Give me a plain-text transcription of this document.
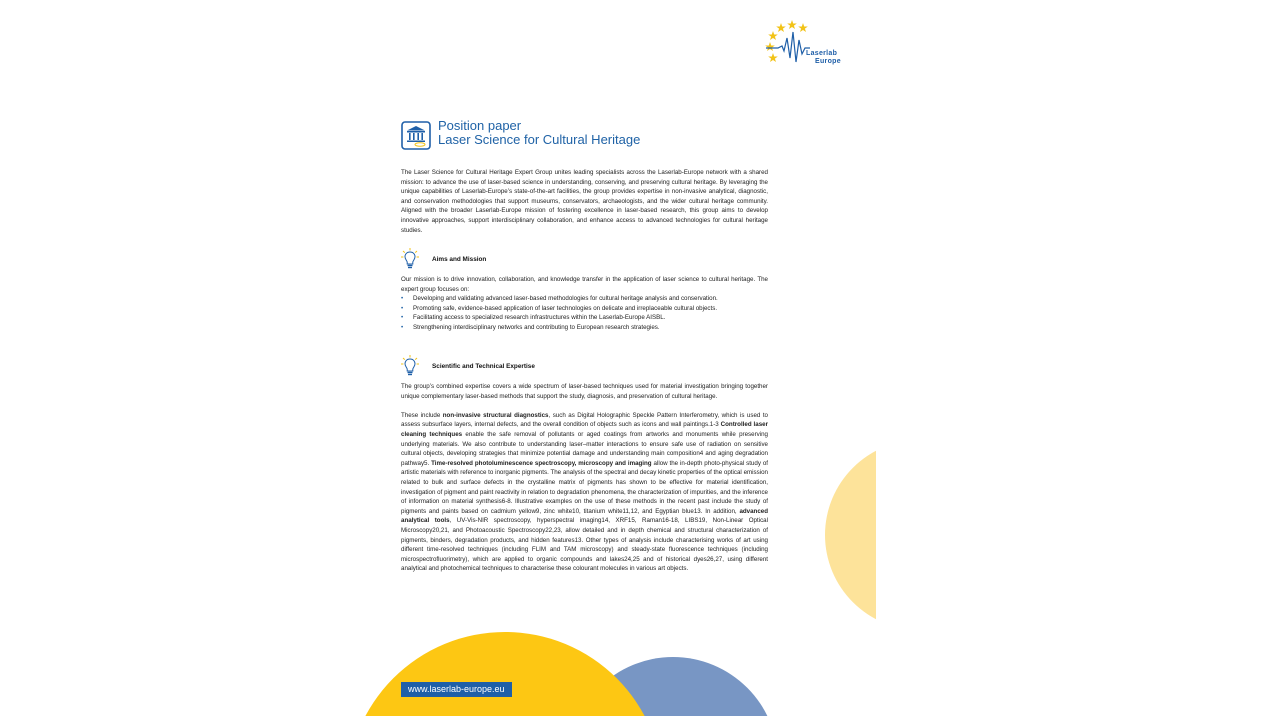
Laserlab
Europe
Position paper
Laser Science for Cultural Heritage

The Laser Science for Cultural Heritage Expert Group unites leading specialists across the Laserlab-Europe network with a shared mission: to advance the use of laser-based science in understanding, conserving, and preserving cultural heritage. By leveraging the unique capabilities of Laserlab-Europe’s state-of-the-art facilities, the group provides expertise in non-invasive analytical, diagnostic, and conservation methodologies that support museums, conservators, archaeologists, and the wider cultural heritage community. Aligned with the broader Laserlab-Europe mission of fostering excellence in laser-based research, this group aims to develop innovative approaches, support interdisciplinary collaboration, and enhance access to advanced technologies for cultural heritage studies.

Aims and Mission

Our mission is to drive innovation, collaboration, and knowledge transfer in the application of laser science to cultural heritage. The expert group focuses on:

• Developing and validating advanced laser-based methodologies for cultural heritage analysis and conservation.
• Promoting safe, evidence-based application of laser technologies on delicate and irreplaceable cultural objects.
• Facilitating access to specialized research infrastructures within the Laserlab-Europe AISBL.
• Strengthening interdisciplinary networks and contributing to European research strategies.
Scientific and Technical Expertise

The group’s combined expertise covers a wide spectrum of laser-based techniques used for material investigation bringing together unique complementary laser-based methods that support the study, diagnosis, and preservation of cultural heritage.

These include non-invasive structural diagnostics, such as Digital Holographic Speckle Pattern Interferometry, which is used to assess subsurface layers, internal defects, and the overall condition of objects such as icons and wall paintings.1-3 Controlled laser cleaning techniques enable the safe removal of pollutants or aged coatings from artworks and monuments while preserving underlying materials. We also contribute to understanding laser–matter interactions to ensure safe use of radiation on sensitive cultural objects, developing strategies that minimize potential damage and understanding main composition4 and aging degradation pathway5. Time-resolved photoluminescence spectroscopy, microscopy and imaging allow the in-depth photo-physical study of artistic materials with reference to inorganic pigments. The analysis of the spectral and decay kinetic properties of the optical emission related to bulk and surface defects in the crystalline matrix of pigments has shown to be effective for material identification, investigation of pigment and paint reactivity in relation to degradation phenomena, the characterization of impurities, and the inference of information on material synthesis6-8. Illustrative examples on the use of these methods in the recent past include the study of pigments and paints based on cadmium yellow9, zinc white10, titanium white11,12, and Egyptian blue13. In addition, advanced analytical tools, UV-Vis-NIR spectroscopy, hyperspectral imaging14, XRF15, Raman16-18, LIBS19, Non-Linear Optical Microscopy20,21, and Photoacoustic Spectroscopy22,23, allow detailed and in depth chemical and structural characterization of pigments, binders, degradation products, and hidden features13. Other types of analysis include characterising works of art using different time-resolved techniques (including FLIM and TAM microscopy) and steady-state fluorescence techniques (including microspectrofluorimetry), which are applied to organic compounds and lakes24,25 and of historical dyes26,27, using different analytical and photochemical techniques to characterise these colourant molecules in various art objects.

www.laserlab-europe.eu
